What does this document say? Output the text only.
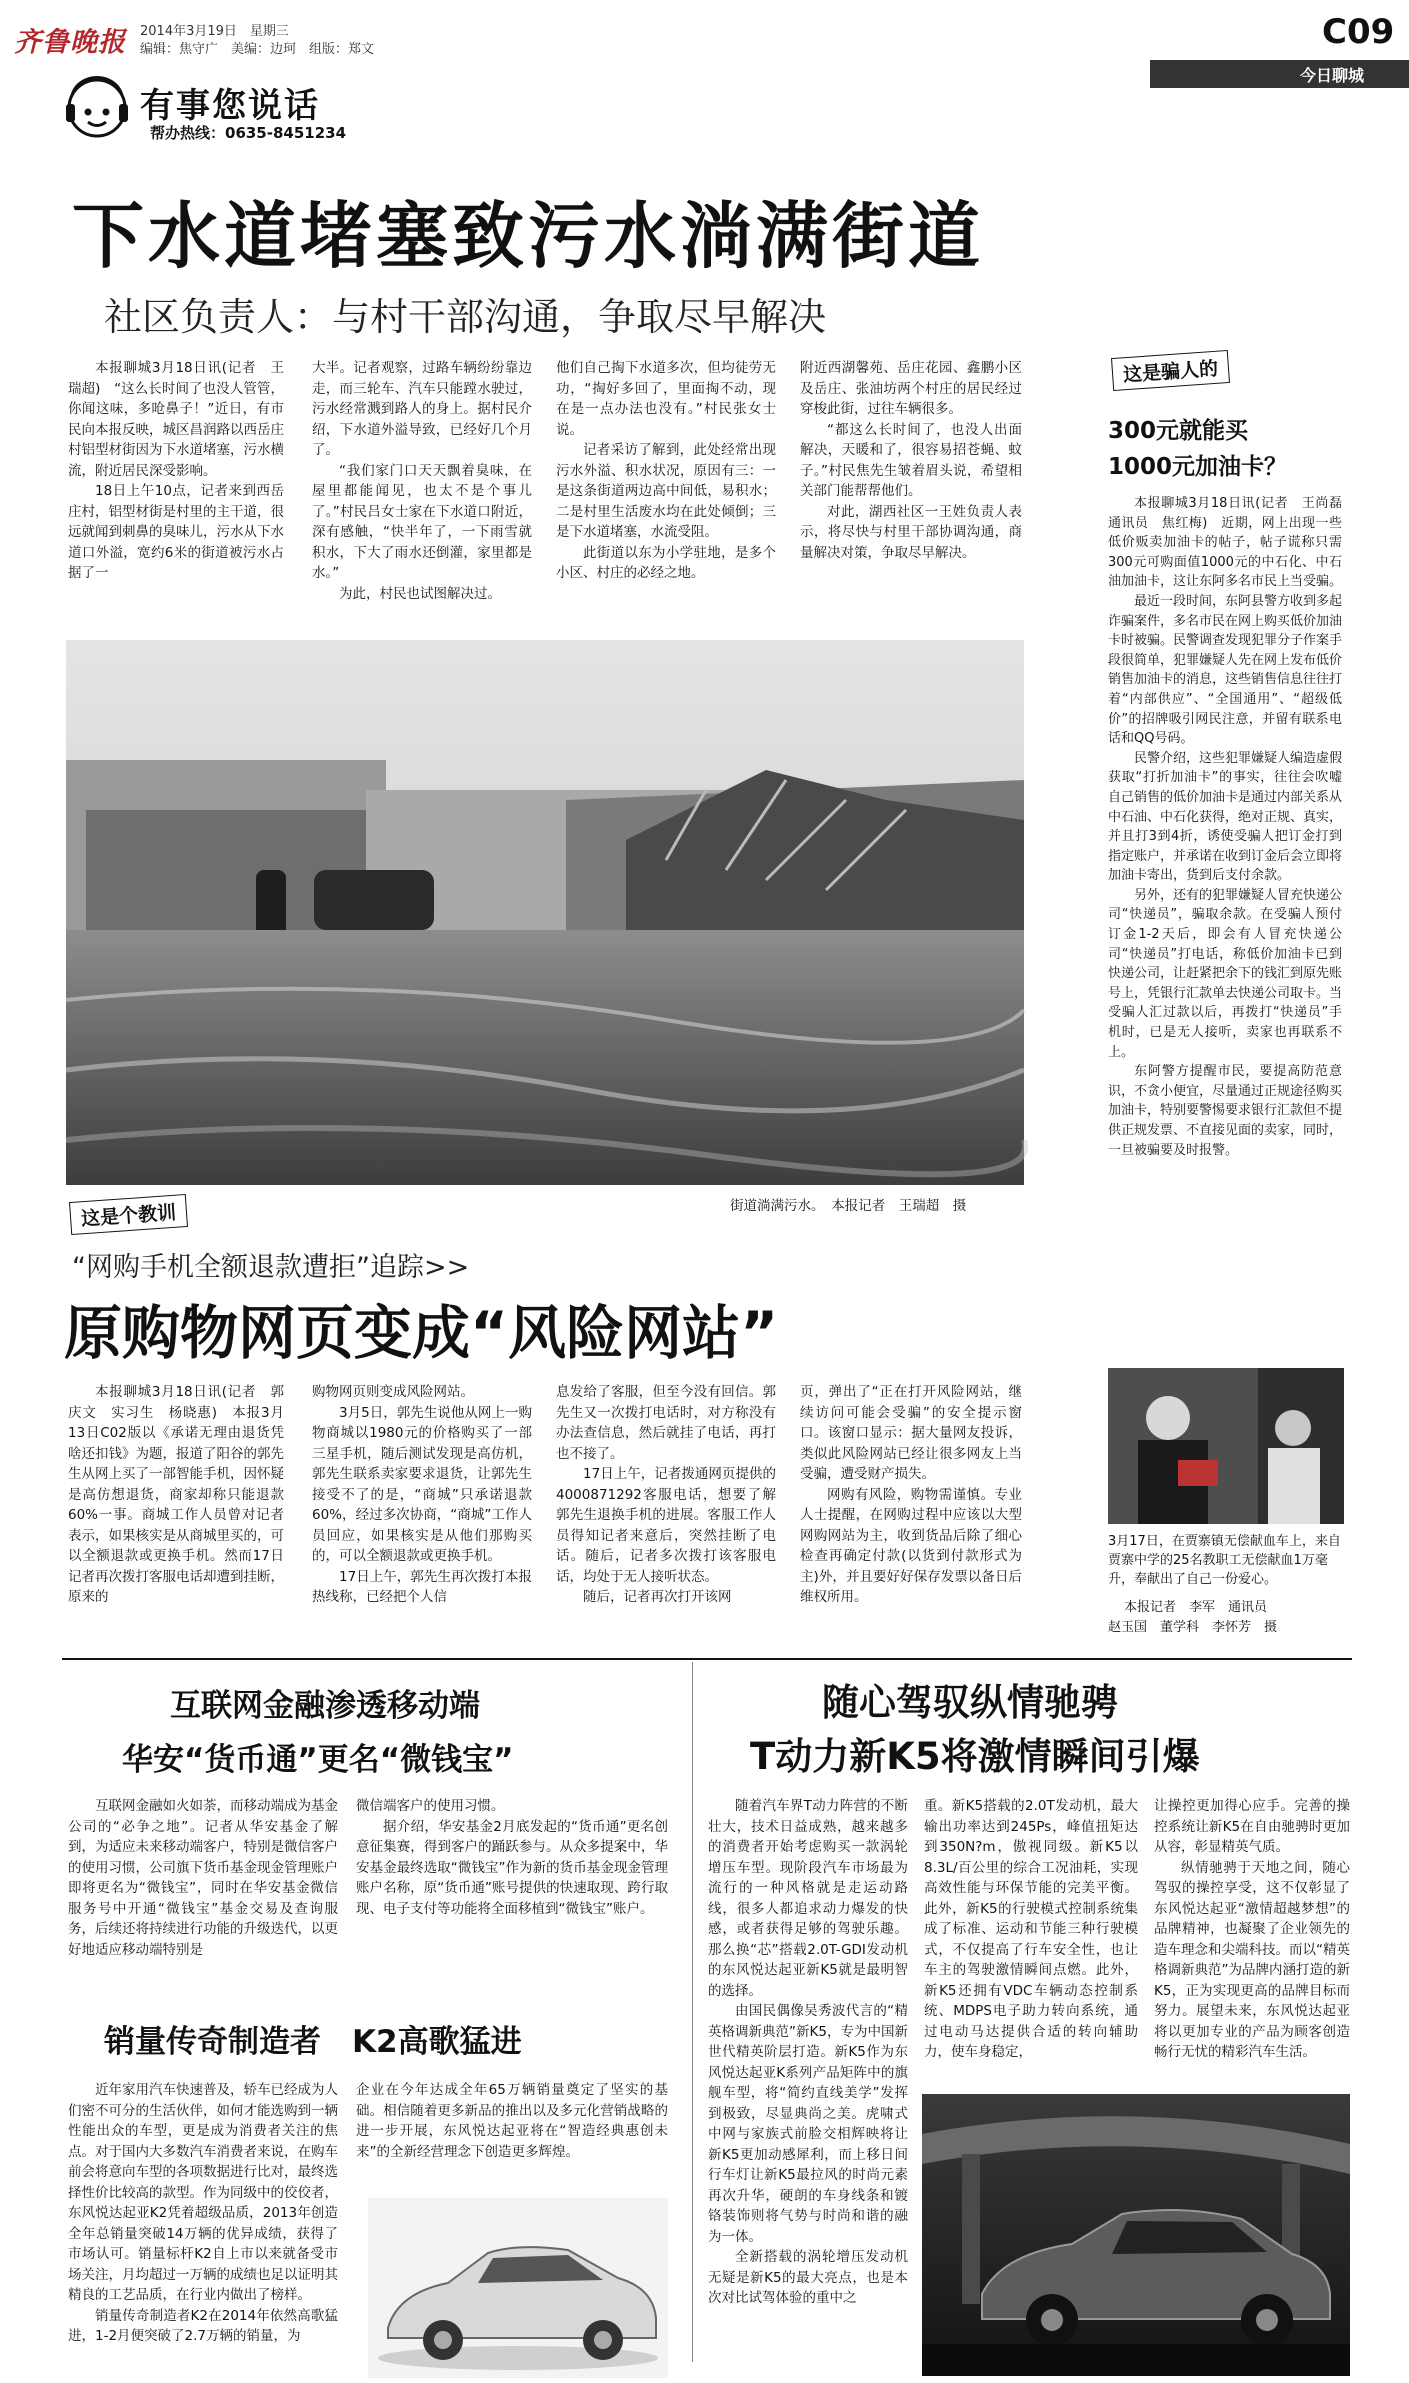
齐鲁晚报 2014年3月19日　星期三
编辑：焦守广　美编：边珂　组版：郑文
有事您说话
帮办热线：0635-8451234
C09
今日聊城
下水道堵塞致污水淌满街道
社区负责人：与村干部沟通，争取尽早解决

本报聊城3月18日讯(记者　王瑞超)　“这么长时间了也没人管管，你闻这味，多呛鼻子！”近日，有市民向本报反映，城区昌润路以西岳庄村铝型材街因为下水道堵塞，污水横流，附近居民深受影响。

18日上午10点，记者来到西岳庄村，铝型材街是村里的主干道，很远就闻到刺鼻的臭味儿，污水从下水道口外溢，宽约6米的街道被污水占据了一

大半。记者观察，过路车辆纷纷靠边走，而三轮车、汽车只能蹚水驶过，污水经常溅到路人的身上。据村民介绍，下水道外溢导致，已经好几个月了。

“我们家门口天天飘着臭味，在屋里都能闻见，也太不是个事儿了。”村民吕女士家在下水道口附近，深有感触，“快半年了，一下雨雪就积水，下大了雨水还倒灌，家里都是水。”

为此，村民也试图解决过。

他们自己掏下水道多次，但均徒劳无功，“掏好多回了，里面掏不动，现在是一点办法也没有。”村民张女士说。

记者采访了解到，此处经常出现污水外溢、积水状况，原因有三：一是这条街道两边高中间低，易积水；二是村里生活废水均在此处倾倒；三是下水道堵塞，水流受阻。

此街道以东为小学驻地，是多个小区、村庄的必经之地。

附近西湖馨苑、岳庄花园、鑫鹏小区及岳庄、张油坊两个村庄的居民经过穿梭此街，过往车辆很多。

“都这么长时间了，也没人出面解决，天暖和了，很容易招苍蝇、蚊子。”村民焦先生皱着眉头说，希望相关部门能帮帮他们。

对此，湖西社区一王姓负责人表示，将尽快与村里干部协调沟通，商量解决对策，争取尽早解决。

街道淌满污水。　本报记者　王瑞超　摄
这是骗人的
300元就能买
1000元加油卡？

本报聊城3月18日讯(记者　王尚磊　通讯员　焦红梅)　近期，网上出现一些低价贩卖加油卡的帖子，帖子谎称只需300元可购面值1000元的中石化、中石油加油卡，这让东阿多名市民上当受骗。

最近一段时间，东阿县警方收到多起诈骗案件，多名市民在网上购买低价加油卡时被骗。民警调查发现犯罪分子作案手段很简单，犯罪嫌疑人先在网上发布低价销售加油卡的消息，这些销售信息往往打着“内部供应”、“全国通用”、“超级低价”的招牌吸引网民注意，并留有联系电话和QQ号码。

民警介绍，这些犯罪嫌疑人编造虚假获取“打折加油卡”的事实，往往会吹嘘自己销售的低价加油卡是通过内部关系从中石油、中石化获得，绝对正规、真实，并且打3到4折，诱使受骗人把订金打到指定账户，并承诺在收到订金后会立即将加油卡寄出，货到后支付余款。

另外，还有的犯罪嫌疑人冒充快递公司“快递员”，骗取余款。在受骗人预付订金1-2天后，即会有人冒充快递公司“快递员”打电话，称低价加油卡已到快递公司，让赶紧把余下的钱汇到原先账号上，凭银行汇款单去快递公司取卡。当受骗人汇过款以后，再拨打“快递员”手机时，已是无人接听，卖家也再联系不上。

东阿警方提醒市民，要提高防范意识，不贪小便宜，尽量通过正规途径购买加油卡，特别要警惕要求银行汇款但不提供正规发票、不直接见面的卖家，同时，一旦被骗要及时报警。

3月17日，在贾寨镇无偿献血车上，来自贾寨中学的25名教职工无偿献血1万毫升，奉献出了自己一份爱心。
本报记者　李军　通讯员
赵玉国　董学科　李怀芳　摄
这是个教训
“网购手机全额退款遭拒”追踪>>
原购物网页变成“风险网站”

本报聊城3月18日讯(记者　郭庆文　实习生　杨晓惠)　本报3月13日C02版以《承诺无理由退货凭啥还扣钱》为题，报道了阳谷的郭先生从网上买了一部智能手机，因怀疑是高仿想退货，商家却称只能退款60%一事。商城工作人员曾对记者表示，如果核实是从商城里买的，可以全额退款或更换手机。然而17日记者再次拨打客服电话却遭到挂断，原来的

购物网页则变成风险网站。

3月5日，郭先生说他从网上一购物商城以1980元的价格购买了一部三星手机，随后测试发现是高仿机，郭先生联系卖家要求退货，让郭先生接受不了的是，“商城”只承诺退款60%，经过多次协商，“商城”工作人员回应，如果核实是从他们那购买的，可以全额退款或更换手机。

17日上午，郭先生再次拨打本报热线称，已经把个人信

息发给了客服，但至今没有回信。郭先生又一次拨打电话时，对方称没有办法查信息，然后就挂了电话，再打也不接了。

17日上午，记者拨通网页提供的4000871292客服电话，想要了解郭先生退换手机的进展。客服工作人员得知记者来意后，突然挂断了电话。随后，记者多次拨打该客服电话，均处于无人接听状态。

随后，记者再次打开该网

页，弹出了“正在打开风险网站，继续访问可能会受骗”的安全提示窗口。该窗口显示：据大量网友投诉，类似此风险网站已经让很多网友上当受骗，遭受财产损失。

网购有风险，购物需谨慎。专业人士提醒，在网购过程中应该以大型网购网站为主，收到货品后除了细心检查再确定付款(以货到付款形式为主)外，并且要好好保存发票以备日后维权所用。

互联网金融渗透移动端
华安“货币通”更名“微钱宝”

互联网金融如火如荼，而移动端成为基金公司的“必争之地”。记者从华安基金了解到，为适应未来移动端客户，特别是微信客户的使用习惯，公司旗下货币基金现金管理账户即将更名为“微钱宝”，同时在华安基金微信服务号中开通“微钱宝”基金交易及查询服务，后续还将持续进行功能的升级迭代，以更好地适应移动端特别是

微信端客户的使用习惯。

据介绍，华安基金2月底发起的“货币通”更名创意征集赛，得到客户的踊跃参与。从众多提案中，华安基金最终选取“微钱宝”作为新的货币基金现金管理账户名称，原“货币通”账号提供的快速取现、跨行取现、电子支付等功能将全面移植到“微钱宝”账户。

销量传奇制造者　K2高歌猛进

近年家用汽车快速普及，轿车已经成为人们密不可分的生活伙伴，如何才能选购到一辆性能出众的车型，更是成为消费者关注的焦点。对于国内大多数汽车消费者来说，在购车前会将意向车型的各项数据进行比对，最终选择性价比较高的款型。作为同级中的佼佼者，东风悦达起亚K2凭着超级品质，2013年创造全年总销量突破14万辆的优异成绩，获得了市场认可。销量标杆K2自上市以来就备受市场关注，月均超过一万辆的成绩也足以证明其精良的工艺品质，在行业内做出了榜样。

销量传奇制造者K2在2014年依然高歌猛进，1-2月便突破了2.7万辆的销量，为

企业在今年达成全年65万辆销量奠定了坚实的基础。相信随着更多新品的推出以及多元化营销战略的进一步开展，东风悦达起亚将在“智造经典惠创未来”的全新经营理念下创造更多辉煌。

随心驾驭纵情驰骋
T动力新K5将激情瞬间引爆

随着汽车界T动力阵营的不断壮大，技术日益成熟，越来越多的消费者开始考虑购买一款涡轮增压车型。现阶段汽车市场最为流行的一种风格就是走运动路线，很多人都追求动力爆发的快感，或者获得足够的驾驶乐趣。那么换“芯”搭载2.0T-GDI发动机的东风悦达起亚新K5就是最明智的选择。

由国民偶像吴秀波代言的“精英格调新典范”新K5，专为中国新世代精英阶层打造。新K5作为东风悦达起亚K系列产品矩阵中的旗舰车型，将“简约直线美学”发挥到极致，尽显典尚之美。虎啸式中网与家族式前脸交相辉映将让新K5更加动感犀利，而上移日间行车灯让新K5最拉风的时尚元素再次升华，硬朗的车身线条和镀铬装饰则将气势与时尚和谐的融为一体。

全新搭载的涡轮增压发动机无疑是新K5的最大亮点，也是本次对比试驾体验的重中之

重。新K5搭载的2.0T发动机，最大输出功率达到245Ps，峰值扭矩达到350N?m，傲视同级。新K5以8.3L/百公里的综合工况油耗，实现高效性能与环保节能的完美平衡。此外，新K5的行驶模式控制系统集成了标准、运动和节能三种行驶模式，不仅提高了行车安全性，也让车主的驾驶激情瞬间点燃。此外，新K5还拥有VDC车辆动态控制系统、MDPS电子助力转向系统，通过电动马达提供合适的转向辅助力，使车身稳定，

让操控更加得心应手。完善的操控系统让新K5在自由驰骋时更加从容，彰显精英气质。

纵情驰骋于天地之间，随心驾驭的操控享受，这不仅彰显了东风悦达起亚“激情超越梦想”的品牌精神，也凝聚了企业领先的造车理念和尖端科技。而以“精英格调新典范”为品牌内涵打造的新K5，正为实现更高的品牌目标而努力。展望未来，东风悦达起亚将以更加专业的产品为顾客创造畅行无忧的精彩汽车生活。
